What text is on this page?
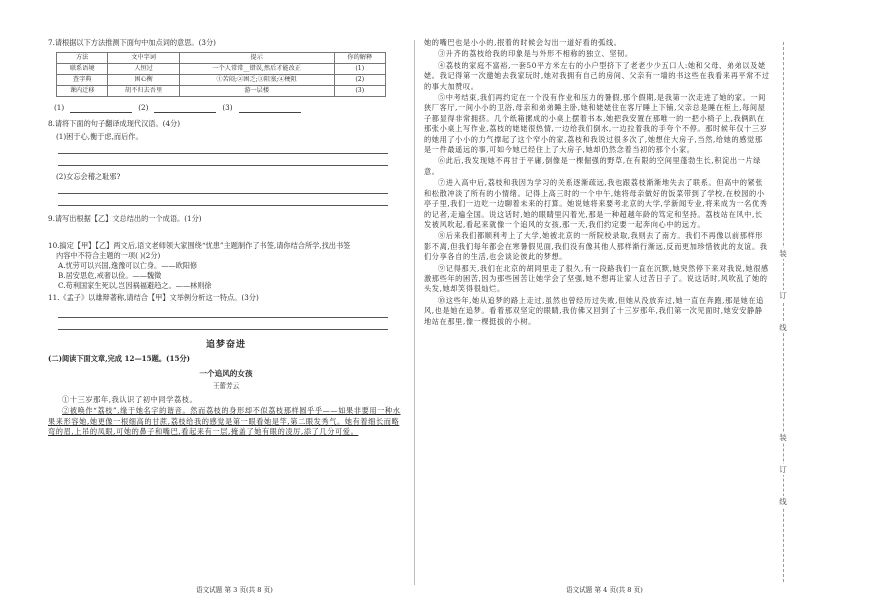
7.请根据以下方法推测下面句中加点词的意思。(3分)

方法	文中字词	提示	你的解释
联系语境	人恒过	一个人常常__错误,然后才能改正	(1)
查字典	困心衡	①苦闷;②困乏;③阻塞;④梗阻	(2)
课内迁移	胡不归去吾里	游一层楼	(3)
(1)	(2)	(3)

8.请将下面的句子翻译成现代汉语。(4分)

(1)困于心,衡于虑,而后作。

(2)女忘会稽之耻邪?

9.请写出根据【乙】文总结出的一个成语。(1分)

10.搞定【甲】【乙】两文后,语文老师领大家围绕“忧患”主题制作了书签,请你结合所学,找出书签

内容中不符合主题的一项( )(2分)

A.忧劳可以兴国,逸豫可以亡身。——欧阳修

B.居安思危,戒奢以俭。——魏徵

C.苟利国家生死以,岂因祸福避趋之。——林则徐

11.《孟子》以雄辩著称,请结合【甲】文举例分析这一特点。(3分)

追梦奋进

(二)阅读下面文章,完成 12—15题。(15分)

一个追风的女孩
王蕾芳云

①十三岁那年,我认识了初中同学荔枝。

②被唤作“荔枝”,缘于她名字的谐音。然而荔枝的身形却不似荔枝那样圆乎乎——如果非要用一种水果来形容她,她更像一根细高的甘蔗,荔枝给我的感觉是第一眼看她是竿,第二眼发秀气。她有着细长而略弯的眉,上吊的凤眼,可她的鼻子和嘴巴,看起来有一层,掩盖了她有眼的凌厉,添了几分可爱。

她的嘴巴也是小小的,抿着的时候会勾出一道好看的弧线。

③升齐的荔枝给我的印象是与外形不相称的独立、坚韧。

④荔枝的家庭不富裕,一套50平方米左右的小户型挤下了老老少少五口人:她和父母、弟弟以及姥姥。我记得第一次邀她去我家玩时,她对我拥有自己的房间、父亲有一墙的书这些在我看来再平常不过的事大加赞叹。

⑤中考结束,我们再约定在一个没有作业和压力的暑假,那个假期,是我第一次走进了她的家。一间狭厂客厅,一间小小的卫浴,母亲和弟弟睡主卧,她和姥姥住在客厅睡上下铺,父亲总是睡在柜上,每间屋子都显得非常拥挤。几个纸箱摞成的小桌上摆着书本,她把我安置在那唯一的一把小椅子上,我俩趴在那张小桌上写作业,荔枝的姥姥很热情,一边给我们倒水,一边拉着我的手夸个不停。那时候年仅十三岁的她用了小小的力气撑起了这个窄小的家,荔枝和我说过很多次了,她想住大房子,当然,给她的感觉那是一件最遥远的事,可如今她已经住上了大房子,她却仍然念着当初的那个小家。

⑥此后,我发现她不再甘于平庸,倒像是一棵倔强的野草,在有限的空间里蓬勃生长,积淀出一片绿意。

⑦进入高中后,荔枝和我因为学习的关系逐渐疏远,我也跟荔枝渐渐地失去了联系。但高中的紧张和松散冲淡了所有的小情绪。记得上高三时的一个中午,她将母亲做好的饭菜带到了学校,在校园的小亭子里,我们一边吃一边聊着未来的打算。她说她将来要考北京的大学,学新闻专业,将来成为一名优秀的记者,走遍全国。说这话时,她的眼睛里闪着光,那是一种超越年龄的笃定和坚持。荔枝站在风中,长发被风吹起,看起来就像一个追风的女孩,那一天,我们约定要一起奔向心中的远方。

⑧后来我们都顺利考上了大学,她被北京的一所院校录取,我则去了南方。我们不再像以前那样形影不离,但我们每年都会在寒暑假见面,我们没有像其他人那样渐行渐远,反而更加珍惜彼此的友谊。我们分享各自的生活,也会谈论彼此的梦想。

⑨记得那天,我们在北京的胡同里走了很久,有一段路我们一直在沉默,她突然停下来对我说,她很感激那些年的困苦,因为那些困苦让她学会了坚强,她不想再让家人过苦日子了。说这话时,风吹乱了她的头发,她却笑得很灿烂。

⑩这些年,她从追梦的路上走过,虽然也曾经历过失败,但她从没放弃过,她一直在奔跑,那是她在追风,也是她在追梦。看着那双坚定的眼睛,我仿佛又回到了十三岁那年,我们第一次见面时,她安安静静地站在那里,像一棵挺拔的小树。

装
订
线
装
订
线
语文试题 第 3 页(共 8 页)	语文试题 第 4 页(共 8 页)
